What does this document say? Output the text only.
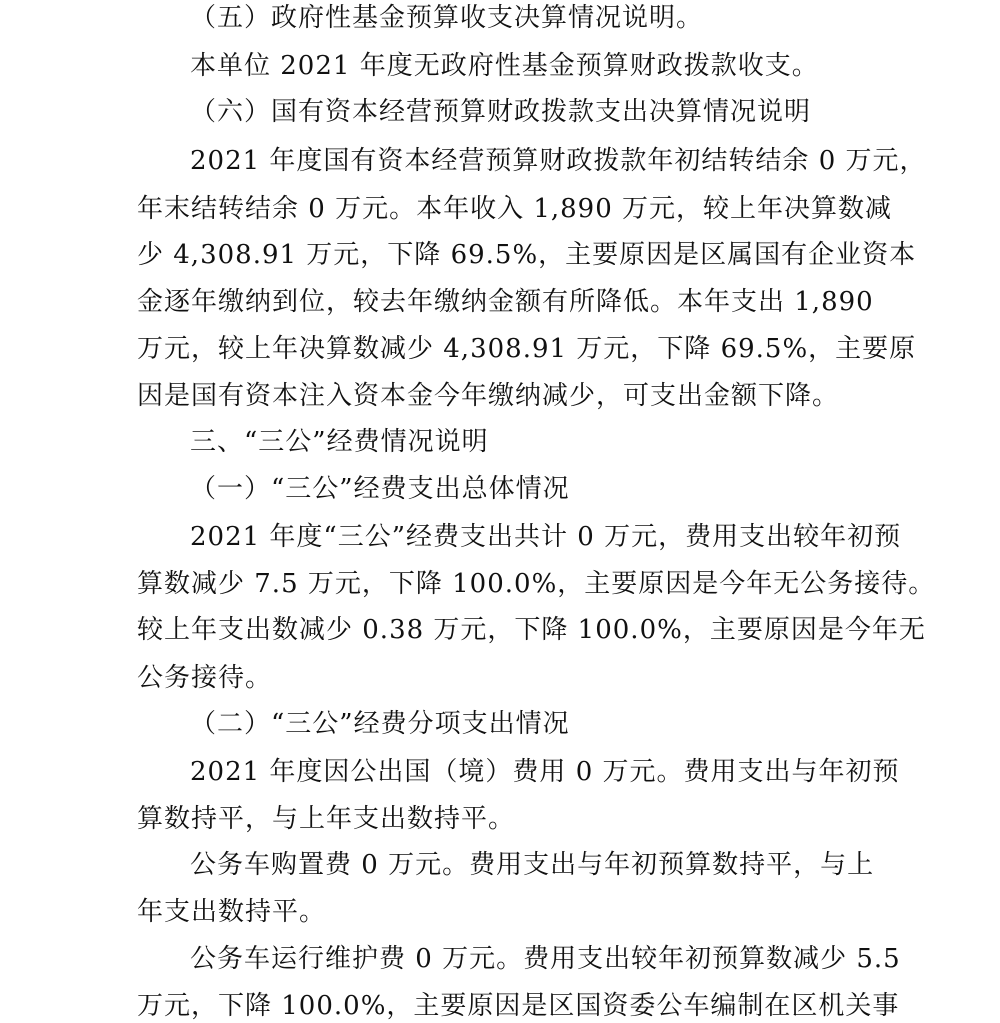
（五）政府性基金预算收支决算情况说明。
本单位 2021 年度无政府性基金预算财政拨款收支。
（六）国有资本经营预算财政拨款支出决算情况说明
2021 年度国有资本经营预算财政拨款年初结转结余 0 万元，
年末结转结余 0 万元。本年收入 1,890 万元，较上年决算数减
少 4,308.91 万元，下降 69.5%，主要原因是区属国有企业资本
金逐年缴纳到位，较去年缴纳金额有所降低。本年支出 1,890
万元，较上年决算数减少 4,308.91 万元，下降 69.5%，主要原
因是国有资本注入资本金今年缴纳减少，可支出金额下降。
三、“三公”经费情况说明
（一）“三公”经费支出总体情况
2021 年度“三公”经费支出共计 0 万元，费用支出较年初预
算数减少 7.5 万元，下降 100.0%，主要原因是今年无公务接待。
较上年支出数减少 0.38 万元，下降 100.0%，主要原因是今年无
公务接待。
（二）“三公”经费分项支出情况
2021 年度因公出国（境）费用 0 万元。费用支出与年初预
算数持平，与上年支出数持平。
公务车购置费 0 万元。费用支出与年初预算数持平，与上
年支出数持平。
公务车运行维护费 0 万元。费用支出较年初预算数减少 5.5
万元，下降 100.0%，主要原因是区国资委公车编制在区机关事
